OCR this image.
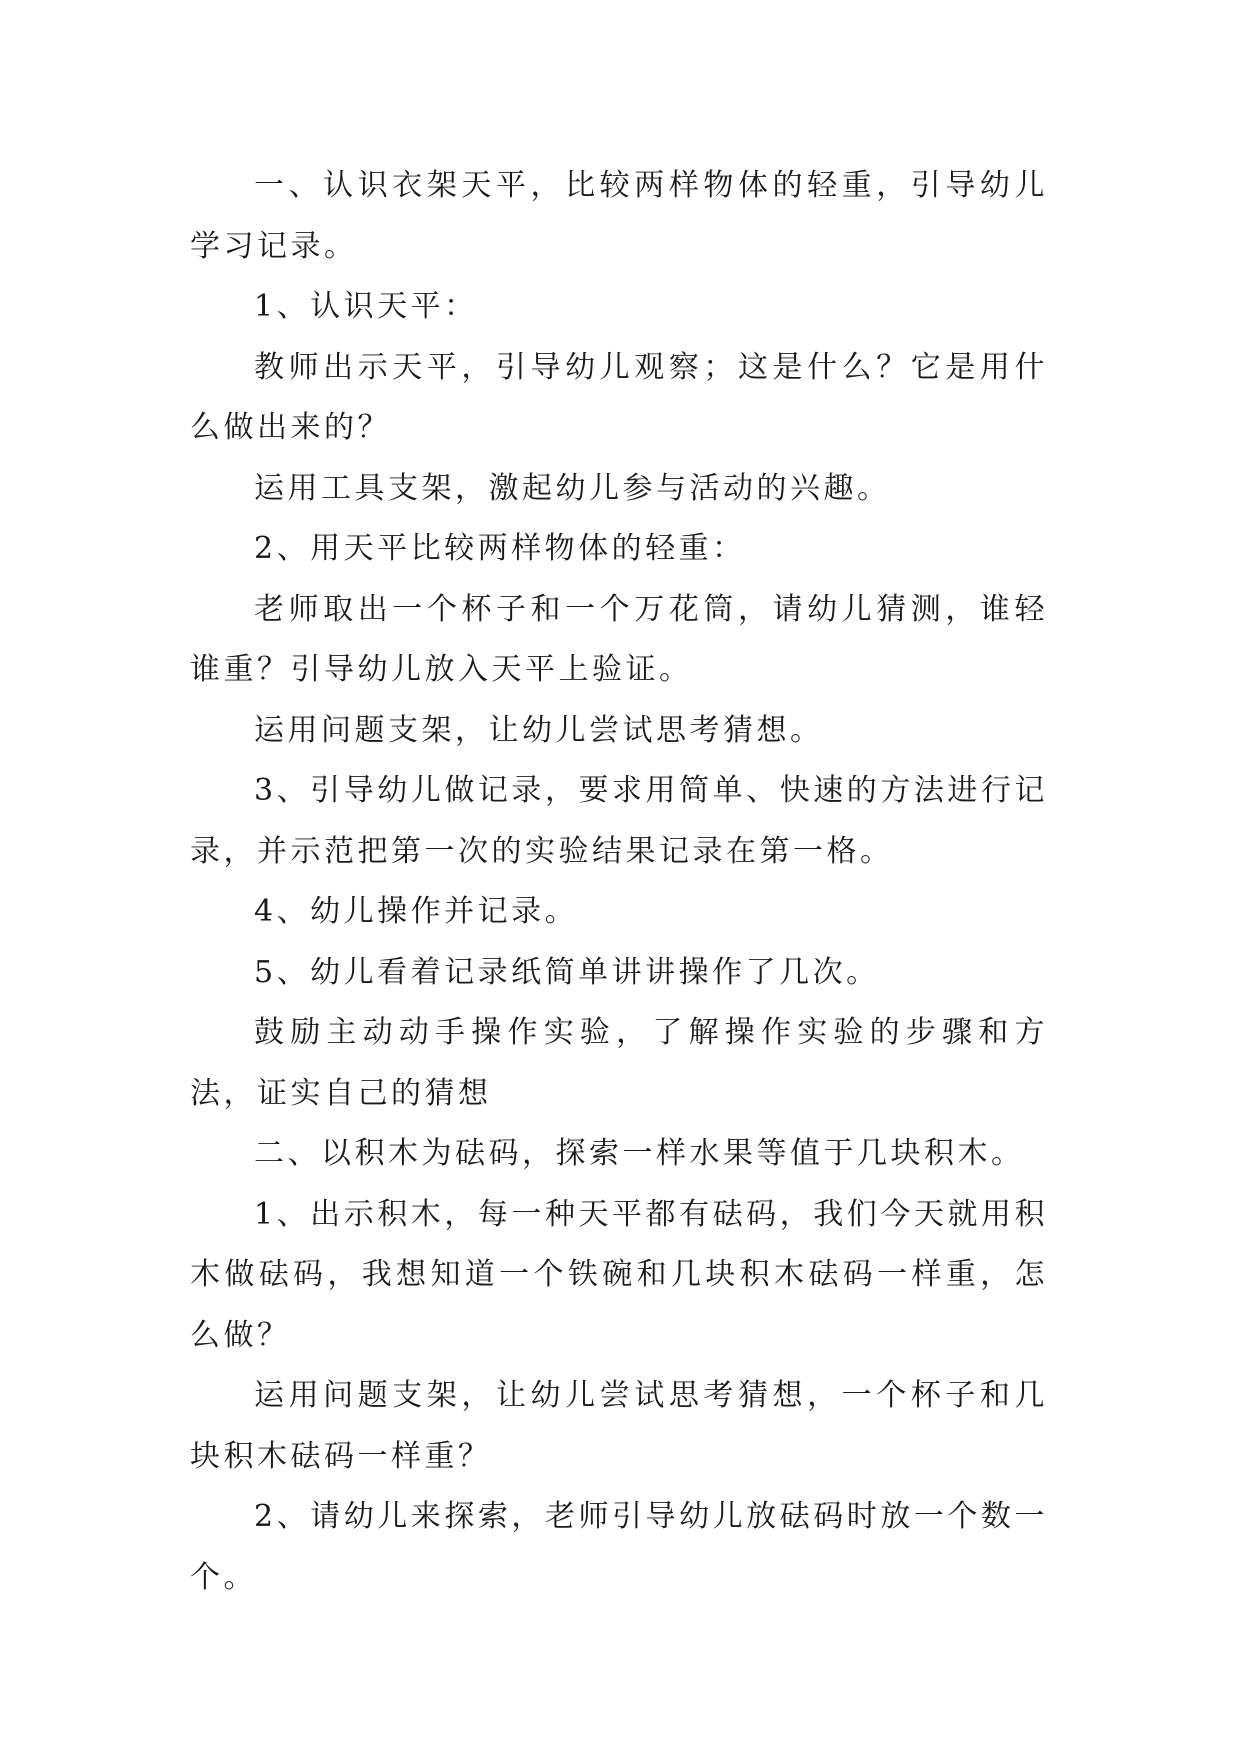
一、认识衣架天平，比较两样物体的轻重，引导幼儿学习记录。

1、认识天平：

教师出示天平，引导幼儿观察；这是什么？它是用什么做出来的？

运用工具支架，激起幼儿参与活动的兴趣。

2、用天平比较两样物体的轻重：

老师取出一个杯子和一个万花筒，请幼儿猜测，谁轻谁重？引导幼儿放入天平上验证。

运用问题支架，让幼儿尝试思考猜想。

3、引导幼儿做记录，要求用简单、快速的方法进行记录，并示范把第一次的实验结果记录在第一格。

4、幼儿操作并记录。

5、幼儿看着记录纸简单讲讲操作了几次。

鼓励主动动手操作实验，了解操作实验的步骤和方法，证实自己的猜想

二、以积木为砝码，探索一样水果等值于几块积木。

1、出示积木，每一种天平都有砝码，我们今天就用积木做砝码，我想知道一个铁碗和几块积木砝码一样重，怎么做？

运用问题支架，让幼儿尝试思考猜想，一个杯子和几块积木砝码一样重？

2、请幼儿来探索，老师引导幼儿放砝码时放一个数一个。
